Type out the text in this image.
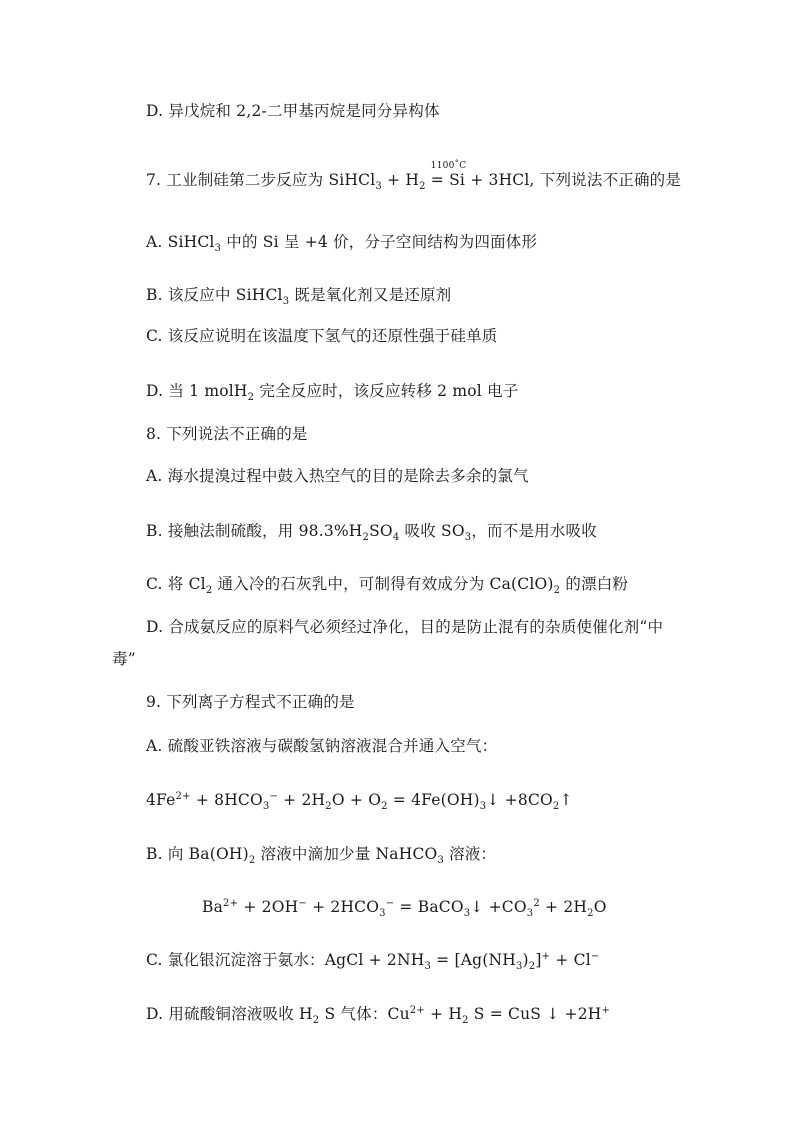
D. 异戊烷和 2,2-二甲基丙烷是同分异构体
7. 工业制硅第二步反应为 SiHCl$_3$ + $H_2$
1100˚C
= Si + 3HCl, 下列说法不正确的是
A. SiHCl$_3$ 中的 Si 呈 +4 价，分子空间结构为四面体形
B. 该反应中 SiHCl$_3$ 既是氧化剂又是还原剂
C. 该反应说明在该温度下氢气的还原性强于硅单质
D. 当 1 molH$_2$ 完全反应时，该反应转移 2 mol 电子
8. 下列说法不正确的是
A. 海水提溴过程中鼓入热空气的目的是除去多余的氯气
B. 接触法制硫酸，用 $98.3\%H_2SO_4$ 吸收 $SO_3$，而不是用水吸收
C. 将 $Cl_2$ 通入冷的石灰乳中，可制得有效成分为 $Ca(ClO)_2$ 的漂白粉
D. 合成氨反应的原料气必须经过净化，目的是防止混有的杂质使催化剂“中
毒”
9. 下列离子方程式不正确的是
A. 硫酸亚铁溶液与碳酸氢钠溶液混合并通入空气：
$4Fe^{2+} + 8HCO_3^- + 2H_2O + O_2$ = $4Fe(OH)_3↓$ $+8CO_2↑$
B. 向 $Ba(OH)_2$ 溶液中滴加少量 NaHCO$_3$ 溶液：
$Ba^{2+} + 2OH^- + 2HCO_3^-$ = BaCO$_3$↓ $+CO_3^2 + 2H_2O$
C. 氯化银沉淀溶于氨水：AgCl + $2NH_3 = [Ag(NH_3)_2]^+ + Cl^-$
D. 用硫酸铜溶液吸收 $H_2$ S 气体：$Cu^{2+} + H_2$ S = CuS ↓ +2H+
